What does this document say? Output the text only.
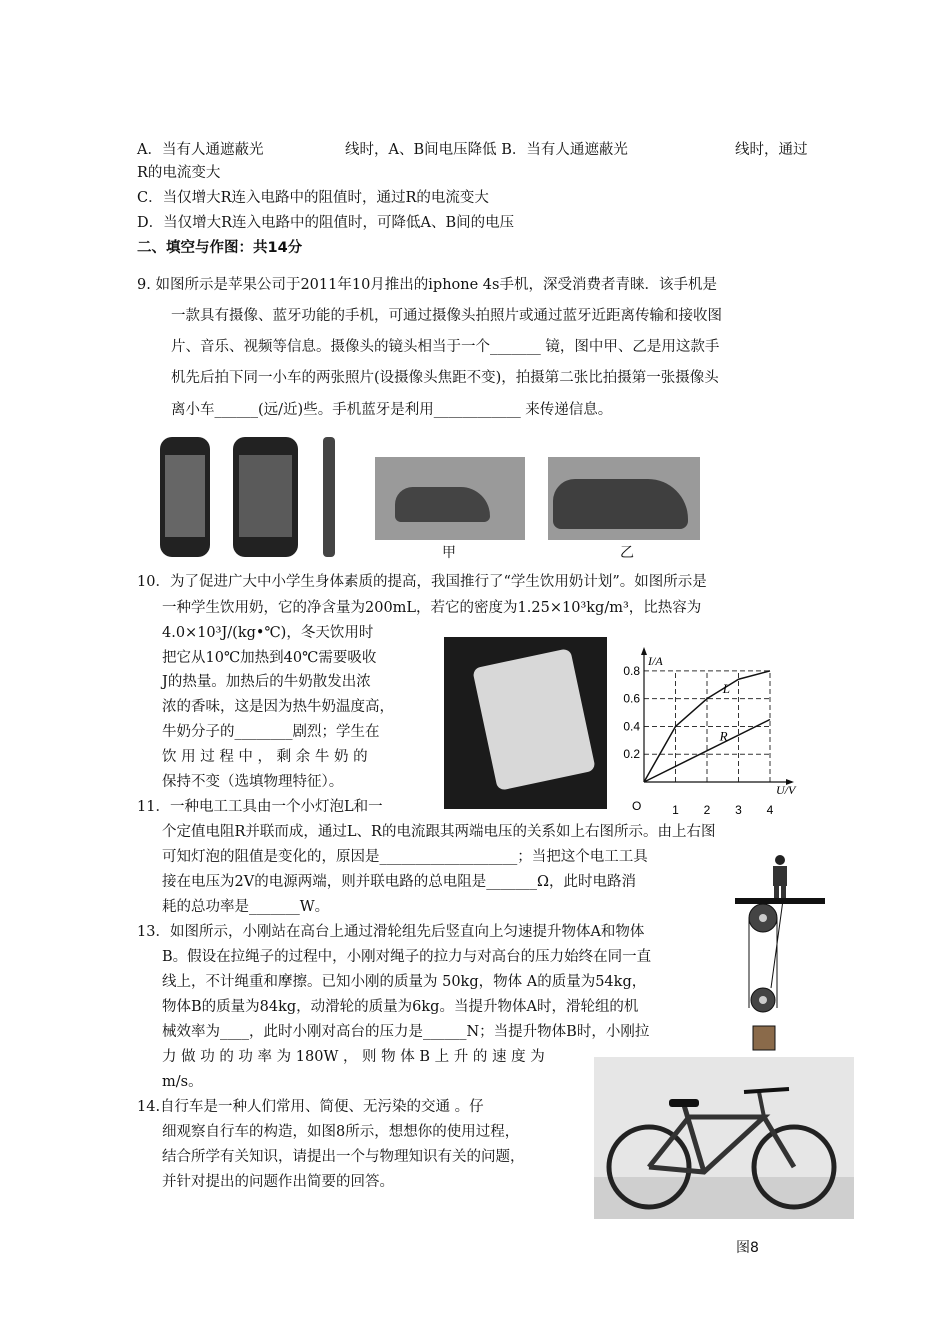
A．当有人通遮蔽光	线时，A、B间电压降低 B．当有人通遮蔽光	线时，通过
R的电流变大
C．当仅增大R连入电路中的阻值时，通过R的电流变大
D．当仅增大R连入电路中的阻值时，可降低A、B间的电压
二、填空与作图：共14分
9. 如图所示是苹果公司于2011年10月推出的iphone 4s手机，深受消费者青睐．该手机是
一款具有摄像、蓝牙功能的手机，可通过摄像头拍照片或通过蓝牙近距离传输和接收图
片、音乐、视频等信息。摄像头的镜头相当于一个_______ 镜，图中甲、乙是用这款手
机先后拍下同一小车的两张照片(设摄像头焦距不变)，拍摄第二张比拍摄第一张摄像头
离小车______(远/近)些。手机蓝牙是利用____________ 来传递信息。
甲	乙
10．为了促进广大中小学生身体素质的提高，我国推行了“学生饮用奶计划”。如图所示是
一种学生饮用奶，它的净含量为200mL，若它的密度为1.25×10³kg/m³，比热容为
4.0×10³J/(kg•℃)，冬天饮用时
把它从10℃加热到40℃需要吸收
J的热量。加热后的牛奶散发出浓
浓的香味，这是因为热牛奶温度高，
牛奶分子的________剧烈；学生在
饮 用 过 程 中 ， 剩 余 牛 奶 的
保持不变（选填物理特征）。
1 2 3 4
0.2
0.4
0.6
0.8
O
U/V
I/A
L
R
11．一种电工工具由一个小灯泡L和一
个定值电阻R并联而成，通过L、R的电流跟其两端电压的关系如上右图所示。由上右图
可知灯泡的阻值是变化的，原因是___________________；当把这个电工工具
接在电压为2V的电源两端，则并联电路的总电阻是_______Ω，此时电路消
耗的总功率是_______W。
13．如图所示，小刚站在高台上通过滑轮组先后竖直向上匀速提升物体A和物体
B。假设在拉绳子的过程中，小刚对绳子的拉力与对高台的压力始终在同一直
线上，不计绳重和摩擦。已知小刚的质量为 50kg，物体 A的质量为54kg，
物体B的质量为84kg，动滑轮的质量为6kg。当提升物体A时，滑轮组的机
械效率为____，此时小刚对高台的压力是______N；当提升物体B时，小刚拉
力 做 功 的 功 率 为 180W ， 则 物 体 B 上 升 的 速 度 为
m/s。
14.自行车是一种人们常用、简便、无污染的交通 。仔
细观察自行车的构造，如图8所示，想想你的使用过程，
结合所学有关知识，请提出一个与物理知识有关的问题，
并针对提出的问题作出简要的回答。
图8
